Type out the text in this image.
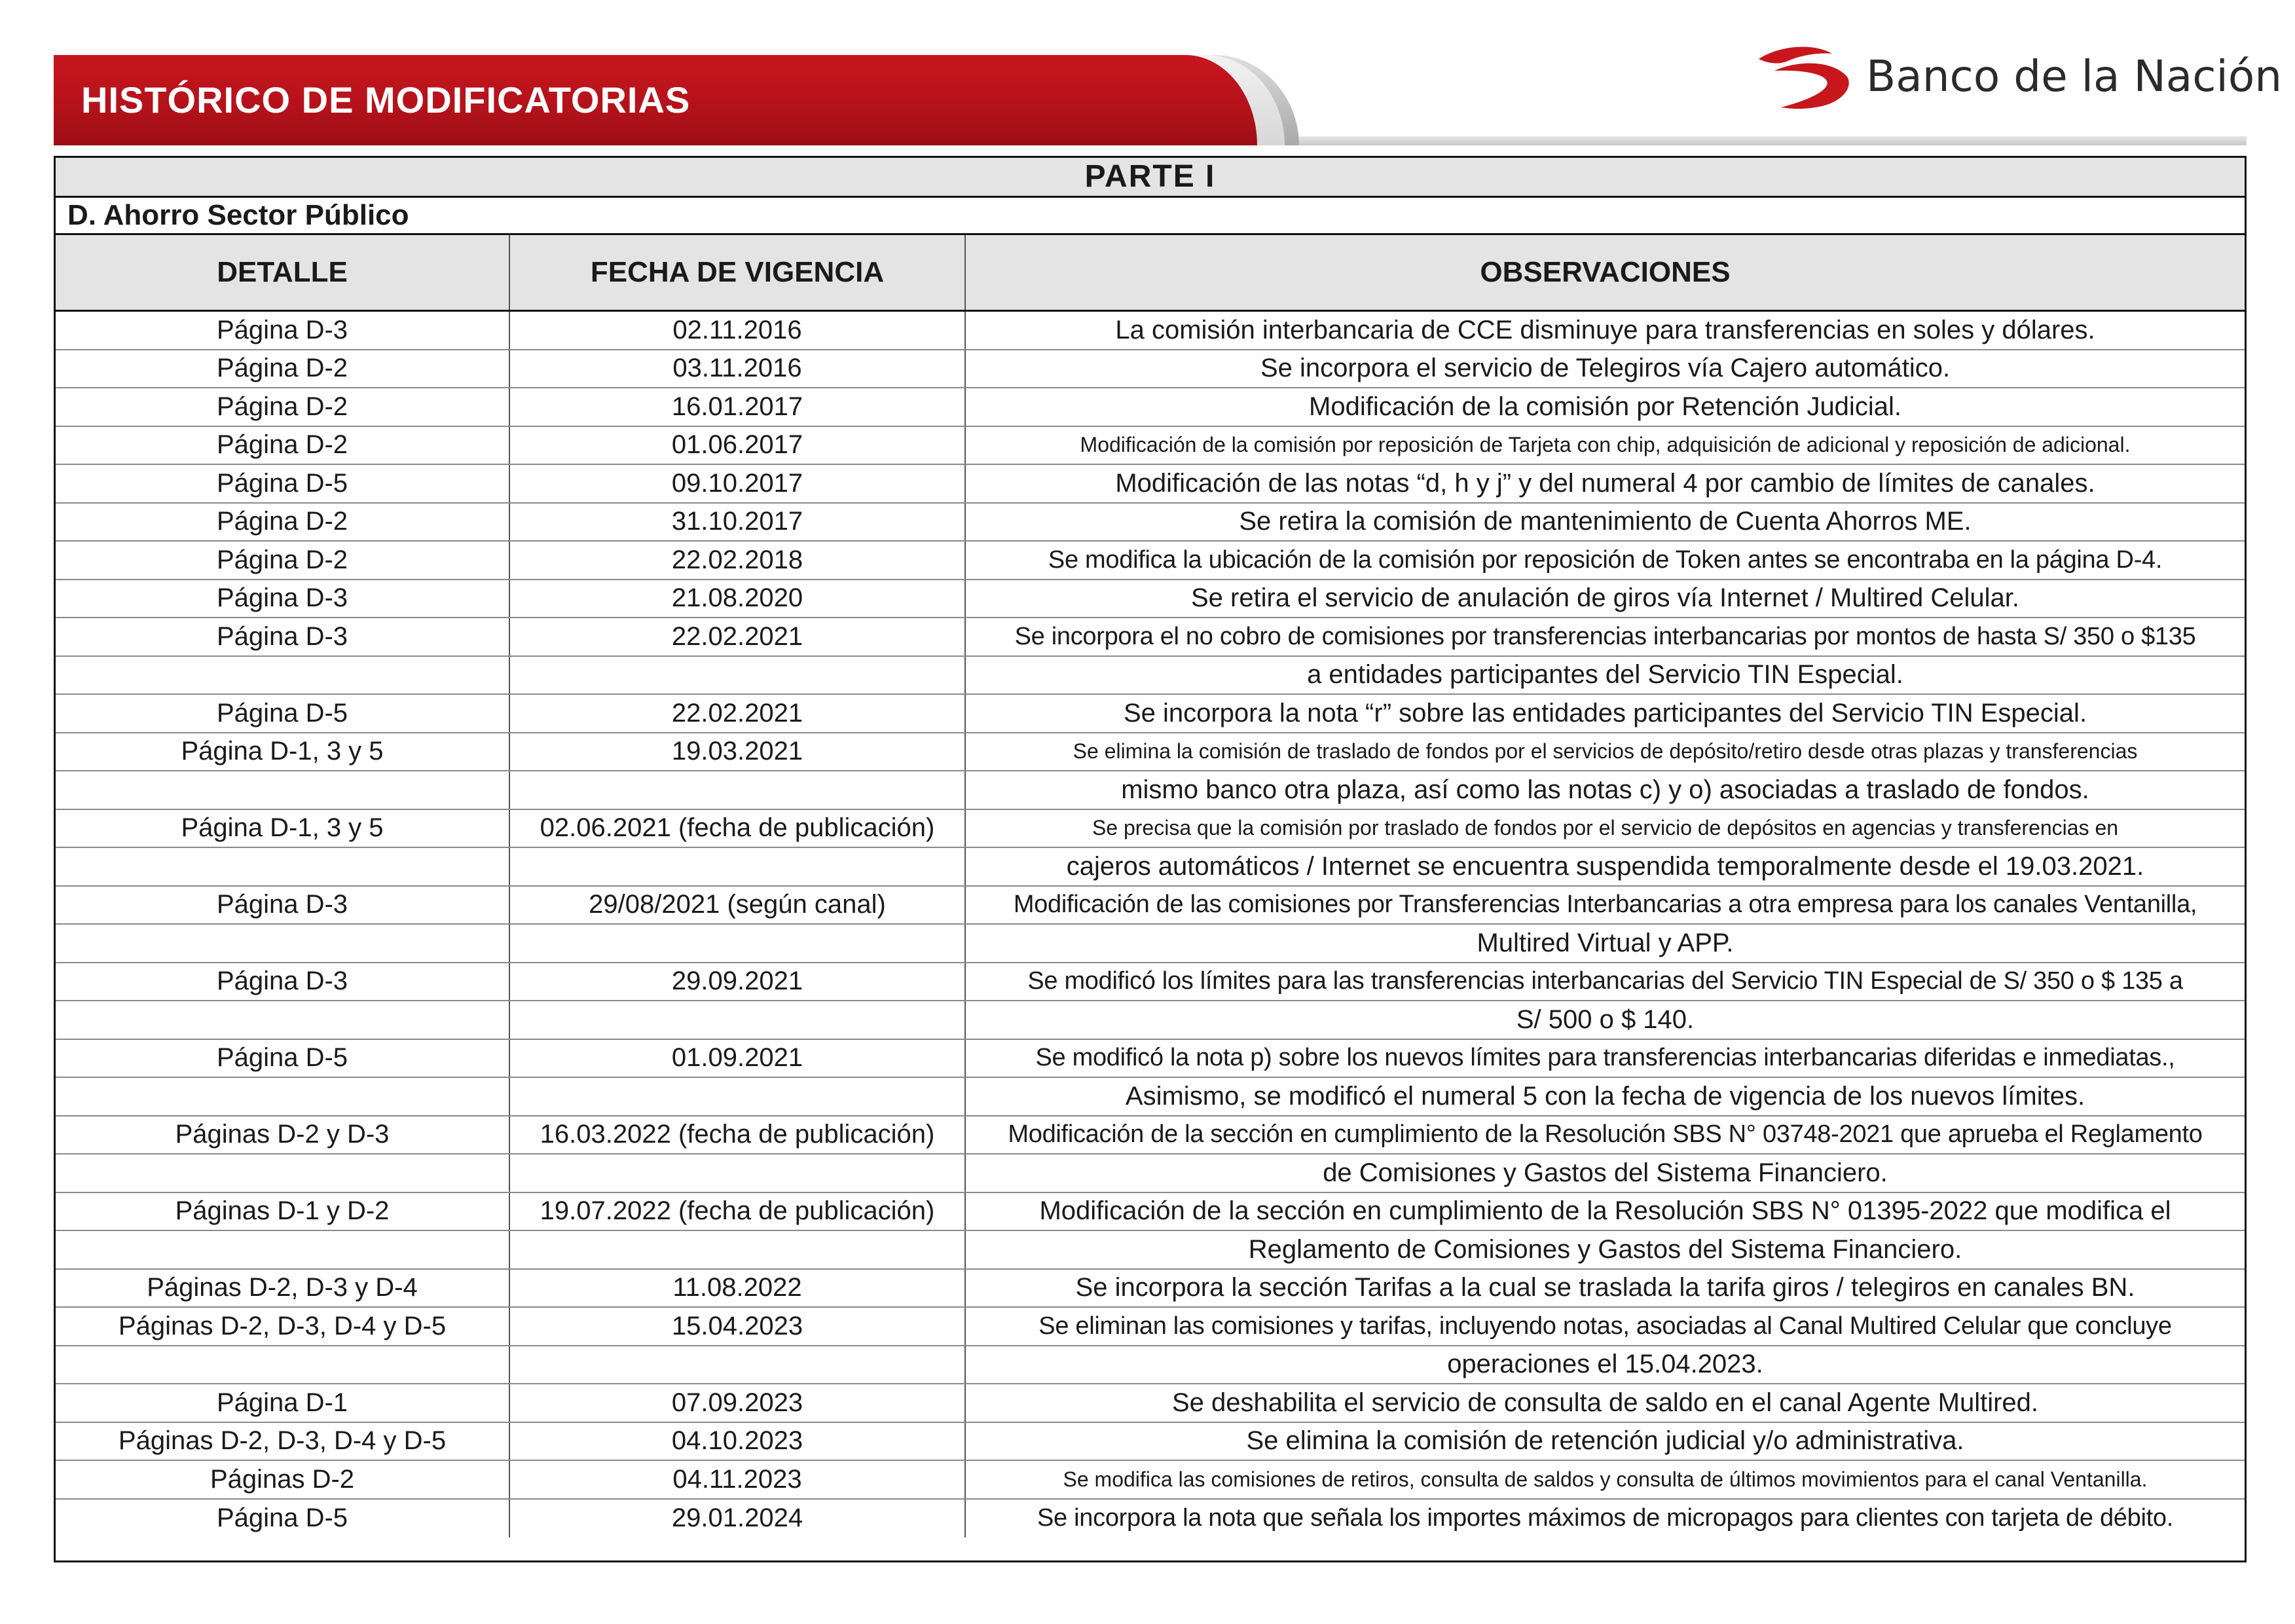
HISTÓRICO DE MODIFICATORIAS	Banco de la Nación
PARTE I
D. Ahorro Sector Público
DETALLE	FECHA DE VIGENCIA	OBSERVACIONES
Página D-3	02.11.2016	La comisión interbancaria de CCE disminuye para transferencias en soles y dólares.
Página D-2	03.11.2016	Se incorpora el servicio de Telegiros vía Cajero automático.
Página D-2	16.01.2017	Modificación de la comisión por Retención Judicial.
Página D-2	01.06.2017	Modificación de la comisión por reposición de Tarjeta con chip, adquisición de adicional y reposición de adicional.
Página D-5	09.10.2017	Modificación de las notas “d, h y j” y del numeral 4 por cambio de límites de canales.
Página D-2	31.10.2017	Se retira la comisión de mantenimiento de Cuenta Ahorros ME.
Página D-2	22.02.2018	Se modifica la ubicación de la comisión por reposición de Token antes se encontraba en la página D-4.
Página D-3	21.08.2020	Se retira el servicio de anulación de giros vía Internet / Multired Celular.
Página D-3	22.02.2021	Se incorpora el no cobro de comisiones por transferencias interbancarias por montos de hasta S/ 350 o $135
a entidades participantes del Servicio TIN Especial.
Página D-5	22.02.2021	Se incorpora la nota “r” sobre las entidades participantes del Servicio TIN Especial.
Página D-1, 3 y 5	19.03.2021	Se elimina la comisión de traslado de fondos por el servicios de depósito/retiro desde otras plazas y transferencias
mismo banco otra plaza, así como las notas c) y o) asociadas a traslado de fondos.
Página D-1, 3 y 5	02.06.2021 (fecha de publicación)	Se precisa que la comisión por traslado de fondos por el servicio de depósitos en agencias y transferencias en
cajeros automáticos / Internet se encuentra suspendida temporalmente desde el 19.03.2021.
Página D-3	29/08/2021 (según canal)	Modificación de las comisiones por Transferencias Interbancarias a otra empresa para los canales Ventanilla,
Multired Virtual y APP.
Página D-3	29.09.2021	Se modificó los límites para las transferencias interbancarias del Servicio TIN Especial de S/ 350 o $ 135 a
S/ 500 o $ 140.
Página D-5	01.09.2021	Se modificó la nota p) sobre los nuevos límites para transferencias interbancarias diferidas e inmediatas.,
Asimismo, se modificó el numeral 5 con la fecha de vigencia de los nuevos límites.
Páginas D-2 y D-3	16.03.2022 (fecha de publicación)	Modificación de la sección en cumplimiento de la Resolución SBS N° 03748-2021 que aprueba el Reglamento
de Comisiones y Gastos del Sistema Financiero.
Páginas D-1 y D-2	19.07.2022 (fecha de publicación)	Modificación de la sección en cumplimiento de la Resolución SBS N° 01395-2022 que modifica el
Reglamento de Comisiones y Gastos del Sistema Financiero.
Páginas D-2, D-3 y D-4	11.08.2022	Se incorpora la sección Tarifas a la cual se traslada la tarifa giros / telegiros en canales BN.
Páginas D-2, D-3, D-4 y D-5	15.04.2023	Se eliminan las comisiones y tarifas, incluyendo notas, asociadas al Canal Multired Celular que concluye
operaciones el 15.04.2023.
Página D-1	07.09.2023	Se deshabilita el servicio de consulta de saldo en el canal Agente Multired.
Páginas D-2, D-3, D-4 y D-5	04.10.2023	Se elimina la comisión de retención judicial y/o administrativa.
Páginas D-2	04.11.2023	Se modifica las comisiones de retiros, consulta de saldos y consulta de últimos movimientos para el canal Ventanilla.
Página D-5	29.01.2024	Se incorpora la nota que señala los importes máximos de micropagos para clientes con tarjeta de débito.
